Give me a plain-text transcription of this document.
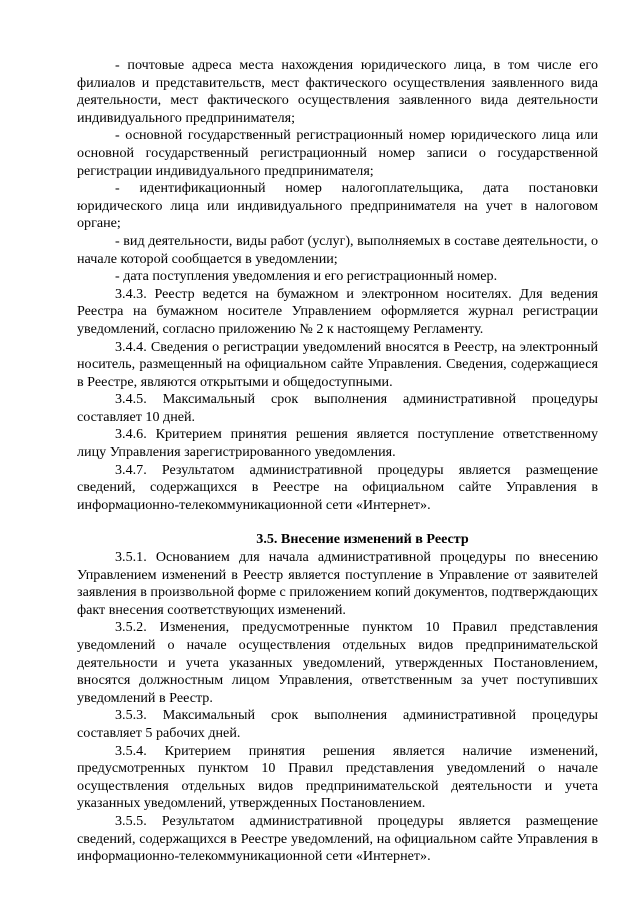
- почтовые адреса места нахождения юридического лица, в том числе его филиалов и представительств, мест фактического осуществления заявленного вида деятельности, мест фактического осуществления заявленного вида деятельности индивидуального предпринимателя;

- основной государственный регистрационный номер юридического лица или основной государственный регистрационный номер записи о государственной регистрации индивидуального предпринимателя;

- идентификационный номер налогоплательщика, дата постановки юридического лица или индивидуального предпринимателя на учет в налоговом органе;

- вид деятельности, виды работ (услуг), выполняемых в составе деятельности, о начале которой сообщается в уведомлении;

- дата поступления уведомления и его регистрационный номер.

3.4.3. Реестр ведется на бумажном и электронном носителях. Для ведения Реестра на бумажном носителе Управлением оформляется журнал регистрации уведомлений, согласно приложению № 2 к настоящему Регламенту.

3.4.4. Сведения о регистрации уведомлений вносятся в Реестр, на электронный носитель, размещенный на официальном сайте Управления. Сведения, содержащиеся в Реестре, являются открытыми и общедоступными.

3.4.5. Максимальный срок выполнения административной процедуры составляет 10 дней.

3.4.6. Критерием принятия решения является поступление ответственному лицу Управления зарегистрированного уведомления.

3.4.7. Результатом административной процедуры является размещение сведений, содержащихся в Реестре на официальном сайте Управления в информационно-телекоммуникационной сети «Интернет».

3.5. Внесение изменений в Реестр

3.5.1. Основанием для начала административной процедуры по внесению Управлением изменений в Реестр является поступление в Управление от заявителей заявления в произвольной форме с приложением копий документов, подтверждающих факт внесения соответствующих изменений.

3.5.2. Изменения, предусмотренные пунктом 10 Правил представления уведомлений о начале осуществления отдельных видов предпринимательской деятельности и учета указанных уведомлений, утвержденных Постановлением, вносятся должностным лицом Управления, ответственным за учет поступивших уведомлений в Реестр.

3.5.3. Максимальный срок выполнения административной процедуры составляет 5 рабочих дней.

3.5.4. Критерием принятия решения является наличие изменений, предусмотренных пунктом 10 Правил представления уведомлений о начале осуществления отдельных видов предпринимательской деятельности и учета указанных уведомлений, утвержденных Постановлением.

3.5.5. Результатом административной процедуры является размещение сведений, содержащихся в Реестре уведомлений, на официальном сайте Управления в информационно-телекоммуникационной сети «Интернет».
